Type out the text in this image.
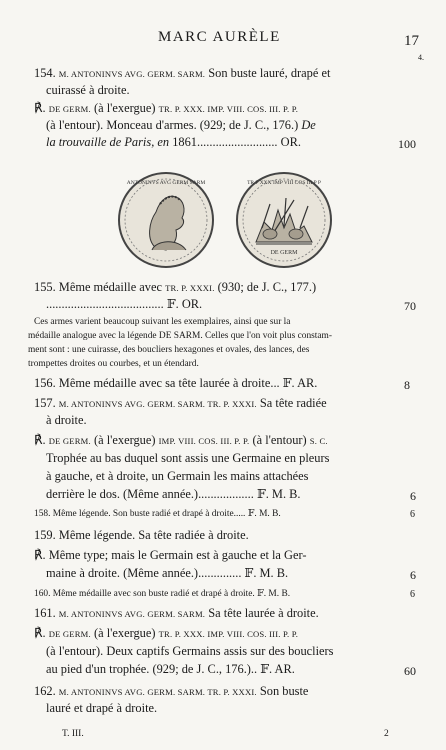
MARC AURÈLE	17
4.
154. M. ANTONINVS AVG. GERM. SARM. Son buste lauré, drapé et
cuirassé à droite.
℟. DE GERM. (à l'exergue) TR. P. XXX. IMP. VIII. COS. III. P. P.
(à l'entour). Monceau d'armes. (929; de J. C., 176.) De
la trouvaille de Paris, en 1861.......................... OR.	100
ANTONINVS AVG GERM SARM	TR P XXX IMP VIII COS III P P
DE GERM
155. Même médaille avec TR. P. XXXI. (930; de J. C., 177.)
...................................... 𝔽. OR.	70
Ces armes varient beaucoup suivant les exemplaires, ainsi que sur la
médaille analogue avec la légende DE SARM. Celles que l'on voit plus constam-
ment sont : une cuirasse, des boucliers hexagones et ovales, des lances, des
trompettes droites ou courbes, et un étendard.
156. Même médaille avec sa tête laurée à droite... 𝔽. AR.	8
157. M. ANTONINVS AVG. GERM. SARM. TR. P. XXXI. Sa tête radiée
à droite.
℟. DE GERM. (à l'exergue) IMP. VIII. COS. III. P. P. (à l'entour) S. C.
Trophée au bas duquel sont assis une Germaine en pleurs
à gauche, et à droite, un Germain les mains attachées
derrière le dos. (Même année.).................. 𝔽. M. B.	6
158. Même légende. Son buste radié et drapé à droite..... 𝔽. M. B.	6
159. Même légende. Sa tête radiée à droite.
℟. Même type; mais le Germain est à gauche et la Ger-
maine à droite. (Même année.).............. 𝔽. M. B.	6
160. Même médaille avec son buste radié et drapé à droite. 𝔽. M. B.	6
161. M. ANTONINVS AVG. GERM. SARM. Sa tête laurée à droite.
℟. DE GERM. (à l'exergue) TR. P. XXX. IMP. VIII. COS. III. P. P.
(à l'entour). Deux captifs Germains assis sur des boucliers
au pied d'un trophée. (929; de J. C., 176.).. 𝔽. AR.	60
162. M. ANTONINVS AVG. GERM. SARM. TR. P. XXXI. Son buste
lauré et drapé à droite.
T. III.	2
